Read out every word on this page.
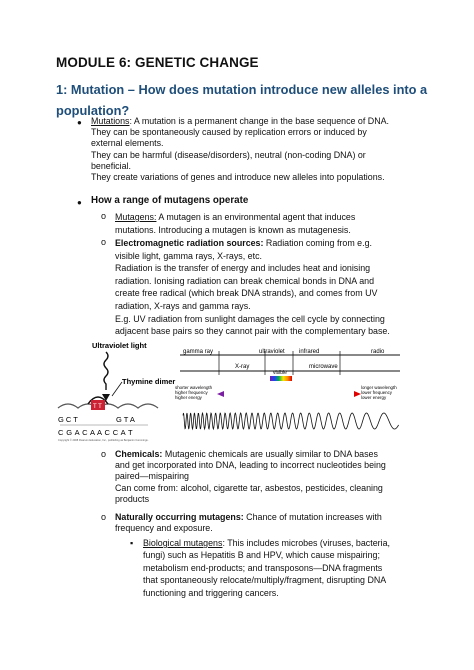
MODULE 6: GENETIC CHANGE
1: Mutation – How does mutation introduce new alleles into a population?
● Mutations: A mutation is a permanent change in the base sequence of DNA.
They can be spontaneously caused by replication errors or induced by
external elements.
They can be harmful (disease/disorders), neutral (non-coding DNA) or
beneficial.
They create variations of genes and introduce new alleles into populations.
● How a range of mutagens operate
o Mutagens: A mutagen is an environmental agent that induces
mutations. Introducing a mutagen is known as mutagenesis.
o Electromagnetic radiation sources: Radiation coming from e.g.
visible light, gamma rays, X-rays, etc.
Radiation is the transfer of energy and includes heat and ionising
radiation. Ionising radiation can break chemical bonds in DNA and
create free radical (which break DNA strands), and comes from UV
radiation, X-rays and gamma rays.
E.g. UV radiation from sunlight damages the cell cycle by connecting
adjacent base pairs so they cannot pair with the complementary base.
Ultraviolet light
Thymine dimer
T T
G C T	G T A
C G A C A A C C A T
Copyright © 2008 Pearson Education, Inc., publishing as Benjamin Cummings.
gamma ray	ultraviolet infrared	radio
X-ray	microwave
visible
shorter wavelength
higher frequency
higher energy
longer wavelength
lower frequency
lower energy
o Chemicals: Mutagenic chemicals are usually similar to DNA bases
and get incorporated into DNA, leading to incorrect nucleotides being
paired—mispairing
Can come from: alcohol, cigarette tar, asbestos, pesticides, cleaning
products
o Naturally occurring mutagens: Chance of mutation increases with
frequency and exposure.
▪ Biological mutagens: This includes microbes (viruses, bacteria,
fungi) such as Hepatitis B and HPV, which cause mispairing;
metabolism end-products; and transposons—DNA fragments
that spontaneously relocate/multiply/fragment, disrupting DNA
functioning and triggering cancers.
